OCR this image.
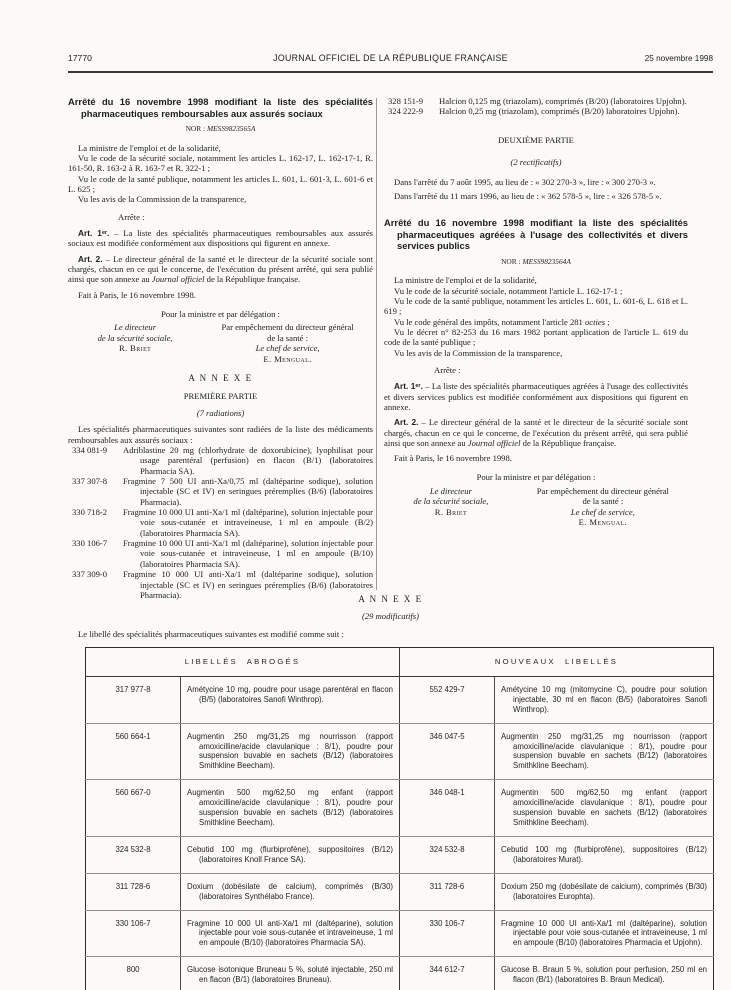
17770	JOURNAL OFFICIEL DE LA RÉPUBLIQUE FRANÇAISE	25 novembre 1998
Arrêté du 16 novembre 1998 modifiant la liste des spécialités pharmaceutiques remboursables aux assurés sociaux
NOR : MESS9823565A

La ministre de l'emploi et de la solidarité,

Vu le code de la sécurité sociale, notamment les articles L. 162-17, L. 162-17-1, R. 161-50, R. 163-2 à R. 163-7 et R. 322-1 ;

Vu le code de la santé publique, notamment les articles L. 601, L. 601-3, L. 601-6 et L. 625 ;

Vu les avis de la Commission de la transparence,

Arrête :

Art. 1ᵉʳ. – La liste des spécialités pharmaceutiques remboursables aux assurés sociaux est modifiée conformément aux dispositions qui figurent en annexe.

Art. 2. – Le directeur général de la santé et le directeur de la sécurité sociale sont chargés, chacun en ce qui le concerne, de l'exécution du présent arrêté, qui sera publié ainsi que son annexe au Journal officiel de la République française.

Fait à Paris, le 16 novembre 1998.

Pour la ministre et par délégation :
Le directeur
de la sécurité sociale,
R. Briet
Par empêchement du directeur général
de la santé :
Le chef de service,
E. Mengual.
A N N E X E
PREMIÈRE PARTIE
(7 radiations)

Les spécialités pharmaceutiques suivantes sont radiées de la liste des médicaments remboursables aux assurés sociaux :

334 081-9 Adriblastine 20 mg (chlorhydrate de doxorubicine), lyophilisat pour usage parentéral (perfusion) en flacon (B/1) (laboratoires Pharmacia SA).
337 307-8 Fragmine 7 500 UI anti-Xa/0,75 ml (daltéparine sodique), solution injectable (SC et IV) en seringues préremplies (B/6) (laboratoires Pharmacia).
330 718-2 Fragmine 10 000 UI anti-Xa/1 ml (daltéparine), solution injectable pour voie sous-cutanée et intraveineuse, 1 ml en ampoule (B/2) (laboratoires Pharmacia SA).
330 106-7 Fragmine 10 000 UI anti-Xa/1 ml (daltéparine), solution injectable pour voie sous-cutanée et intraveineuse, 1 ml en ampoule (B/10) (laboratoires Pharmacia SA).
337 309-0 Fragmine 10 000 UI anti-Xa/1 ml (daltéparine sodique), solution injectable (SC et IV) en seringues préremplies (B/6) (laboratoires Pharmacia).
328 151-9 Halcion 0,125 mg (triazolam), comprimés (B/20) (laboratoires Upjohn).
324 222-9 Halcion 0,25 mg (triazolam), comprimés (B/20) laboratoires Upjohn).
DEUXIÈME PARTIE
(2 rectificatifs)

Dans l'arrêté du 7 août 1995, au lieu de : « 302 270-3 », lire : « 300 270-3 ».

Dans l'arrêté du 11 mars 1996, au lieu de : « 362 578-5 », lire : « 326 578-5 ».

Arrêté du 16 novembre 1998 modifiant la liste des spécialités pharmaceutiques agréées à l'usage des collectivités et divers services publics
NOR : MESS9823564A

La ministre de l'emploi et de la solidarité,

Vu le code de la sécurité sociale, notamment l'article L. 162-17-1 ;

Vu le code de la santé publique, notamment les articles L. 601, L. 601-6, L. 618 et L. 619 ;

Vu le code général des impôts, notamment l'article 281 octies ;

Vu le décret n° 82-253 du 16 mars 1982 portant application de l'article L. 619 du code de la santé publique ;

Vu les avis de la Commission de la transparence,

Arrête :

Art. 1ᵉʳ. – La liste des spécialités pharmaceutiques agréées à l'usage des collectivités et divers services publics est modifiée conformément aux dispositions qui figurent en annexe.

Art. 2. – Le directeur général de la santé et le directeur de la sécurité sociale sont chargés, chacun en ce qui le concerne, de l'exécution du présent arrêté, qui sera publié ainsi que son annexe au Journal officiel de la République française.

Fait à Paris, le 16 novembre 1998.

Pour la ministre et par délégation :
Le directeur
de la sécurité sociale,
R. Briet
Par empêchement du directeur général
de la santé :
Le chef de service,
E. Mengual.
A N N E X E
(29 modificatifs)
Le libellé des spécialités pharmaceutiques suivantes est modifié comme suit :
LIBELLÉS ABROGÉS		NOUVEAUX LIBELLÉS	
317 977-8	Amétycine 10 mg, poudre pour usage parentéral en flacon (B/5) (laboratoires Sanofi Winthrop).	552 429-7	Amétycine 10 mg (mitomycine C), poudre pour solution injectable, 30 ml en flacon (B/5) (laboratoires Sanofi Winthrop).

560 664-1	Augmentin 250 mg/31,25 mg nourrisson (rapport amoxicilline/acide clavulanique : 8/1), poudre pour suspension buvable en sachets (B/12) (laboratoires Smithkline Beecham).	346 047-5	Augmentin 250 mg/31,25 mg nourrisson (rapport amoxicilline/acide clavulanique : 8/1), poudre pour suspension buvable en sachets (B/12) (laboratoires Smithkline Beecham).

560 667-0	Augmentin 500 mg/62,50 mg enfant (rapport amoxicilline/acide clavulanique : 8/1), poudre pour suspension buvable en sachets (B/12) (laboratoires Smithkline Beecham).	346 048-1	Augmentin 500 mg/62,50 mg enfant (rapport amoxicilline/acide clavulanique : 8/1), poudre pour suspension buvable en sachets (B/12) (laboratoires Smithkline Beecham).

324 532-8	Cebutid 100 mg (flurbiprofène), suppositoires (B/12) (laboratoires Knoll France SA).	324 532-8	Cebutid 100 mg (flurbiprofène), suppositoires (B/12) (laboratoires Murat).

311 728-6	Doxium (dobésilate de calcium), comprimés (B/30) (laboratoires Synthélabo France).	311 728-6	Doxium 250 mg (dobésilate de calcium), comprimés (B/30) (laboratoires Europhta).

330 106-7	Fragmine 10 000 UI anti-Xa/1 ml (daltéparine), solution injectable pour voie sous-cutanée et intraveineuse, 1 ml en ampoule (B/10) (laboratoires Pharmacia SA).	330 106-7	Fragmine 10 000 UI anti-Xa/1 ml (daltéparine), solution injectable pour voie sous-cutanée et intraveineuse, 1 ml en ampoule (B/10) (laboratoires Pharmacia et Upjohn).

800	Glucose isotonique Bruneau 5 %, soluté injectable, 250 ml en flacon (B/1) (laboratoires Bruneau).	344 612-7	Glucose B. Braun 5 %, solution pour perfusion, 250 ml en flacon (B/1) (laboratoires B. Braun Medical).
